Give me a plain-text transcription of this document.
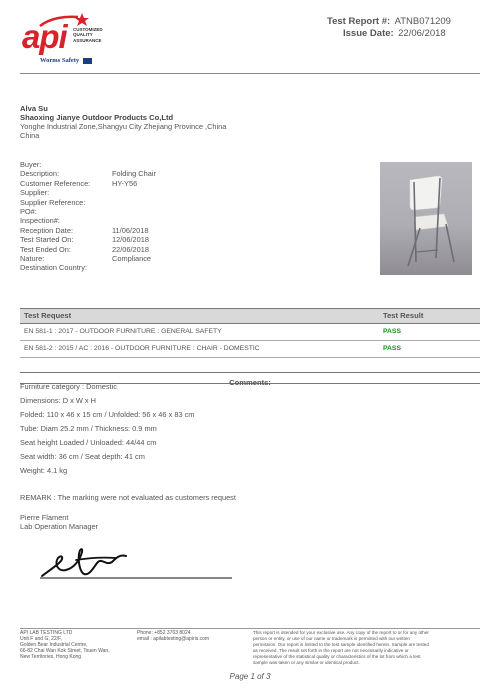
api CUSTOMIZED
QUALITY
ASSURANCE
Worms Safety
Test Report #: ATNB071209
Issue Date: 22/06/2018
Alva Su
Shaoxing Jianye Outdoor Products Co,Ltd
Yonghe Industrial Zone,Shangyu City Zhejiang Province ,China
China
Buyer:
Description:	Folding Chair
Customer Reference:	HY-Y56
Supplier:
Supplier Reference:
PO#:
Inspection#:
Reception Date:	11/06/2018
Test Started On:	12/06/2018
Test Ended On:	22/06/2018
Nature:	Compliance
Destination Country:
Test Request	Test Result
EN 581-1 : 2017 - OUTDOOR FURNITURE : GENERAL SAFETY	PASS
EN 581-2 : 2015 / AC : 2016 - OUTDOOR FURNITURE : CHAIR - DOMESTIC	PASS
Comments:
Furniture category : Domestic
Dimensions: D x W x H
Folded: 110 x 46 x 15 cm / Unfolded: 56 x 46 x 83 cm
Tube: Diam 25.2 mm / Thickness: 0.9 mm
Seat height Loaded / Unloaded: 44/44 cm
Seat width: 36 cm / Seat depth: 41 cm
Weight: 4.1 kg
REMARK : The marking were not evaluated as customers request
Pierre Flament
Lab Operation Manager
API LAB TESTING LTD
Unit F and G, 22/F,
Golden Bear Industrial Centre,
66-82 Chai Wan Kok Street, Tsuen Wan,
New Territories, Hong Kong
Phone: +852 3703 8024
email : apilabtesting@apiris.com
This report is intended for your exclusive use. Any copy of the report to or for any other
person or entity, or use of our name or trademark is permitted with our written
permission. Our report is limited to the test sample identified herein. Sample are tested
as received. The result set forth in the report are not necessarily indicative or
representative of the statistical quality or characteristics of the lot from which a test
sample was taken or any similar or identical product.
Page 1 of 3
